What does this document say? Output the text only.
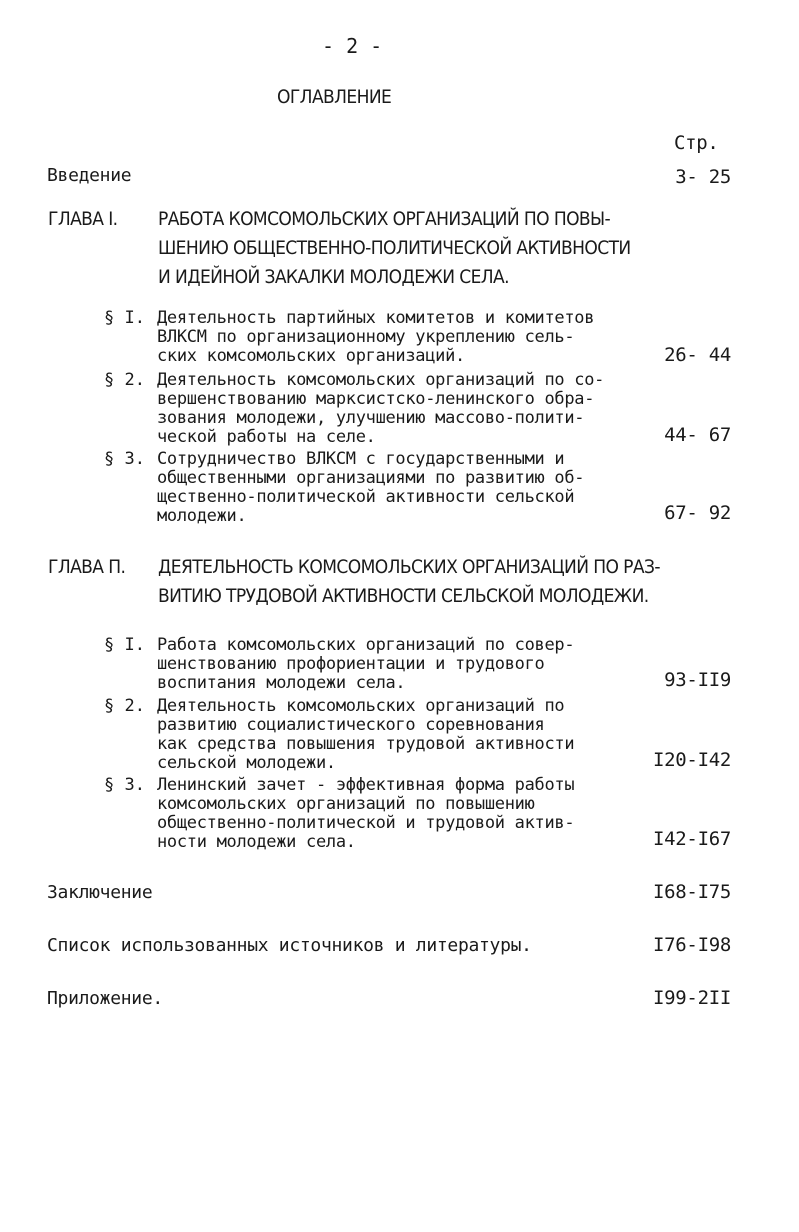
- 2 -
ОГЛАВЛЕНИЕ
Стр.
Введение	3- 25
ГЛАВА I. РАБОТА КОМСОМОЛЬСКИХ ОРГАНИЗАЦИЙ ПО ПОВЫ-
ШЕНИЮ ОБЩЕСТВЕННО-ПОЛИТИЧЕСКОЙ АКТИВНОСТИ
И ИДЕЙНОЙ ЗАКАЛКИ МОЛОДЕЖИ СЕЛА.
§ I. Деятельность партийных комитетов и комитетов
ВЛКСМ по организационному укреплению сель-
ских комсомольских организаций.	26- 44
§ 2. Деятельность комсомольских организаций по со-
вершенствованию марксистско-ленинского обра-
зования молодежи, улучшению массово-полити-
ческой работы на селе.	44- 67
§ 3. Сотрудничество ВЛКСМ с государственными и
общественными организациями по развитию об-
щественно-политической активности сельской
молодежи.	67- 92
ГЛАВА П. ДЕЯТЕЛЬНОСТЬ КОМСОМОЛЬСКИХ ОРГАНИЗАЦИЙ ПО РАЗ-
ВИТИЮ ТРУДОВОЙ АКТИВНОСТИ СЕЛЬСКОЙ МОЛОДЕЖИ.
§ I. Работа комсомольских организаций по совер-
шенствованию профориентации и трудового
воспитания молодежи села.	93-II9
§ 2. Деятельность комсомольских организаций по
развитию социалистического соревнования
как средства повышения трудовой активности
сельской молодежи.	I20-I42
§ 3. Ленинский зачет - эффективная форма работы
комсомольских организаций по повышению
общественно-политической и трудовой актив-
ности молодежи села.	I42-I67
Заключение	I68-I75
Список использованных источников и литературы.	I76-I98
Приложение.	I99-2II
